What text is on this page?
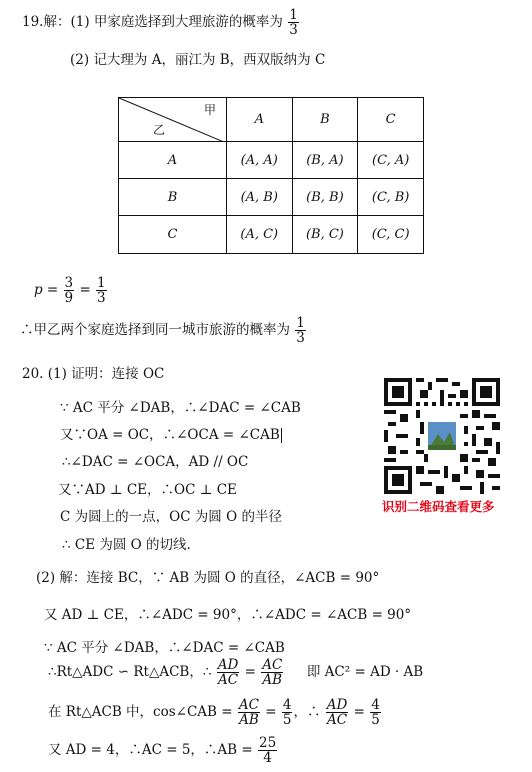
19.解：(1) 甲家庭选择到大理旅游的概率为 $\frac{1}{3}$
(2) 记大理为 A，丽江为 B，西双版纳为 C
甲
乙	A	B	C
A	(A, A)	(B, A)	(C, A)
B	(A, B)	(B, B)	(C, B)
C	(A, C)	(B, C)	(C, C)
$p = \frac{3}{9} = \frac{1}{3}$
∴甲乙两个家庭选择到同一城市旅游的概率为 $\frac{1}{3}$
20. (1) 证明：连接 OC
∵ AC 平分 ∠DAB，∴∠DAC = ∠CAB
又∵OA = OC，∴∠OCA = ∠CAB
∴∠DAC = ∠OCA，AD // OC
又∵AD ⊥ CE，∴OC ⊥ CE
C 为圆上的一点，OC 为圆 O 的半径
∴ CE 为圆 O 的切线.
识别二维码查看更多
(2) 解：连接 BC，∵ AB 为圆 O 的直径，∠ACB = 90°
又 AD ⊥ CE，∴∠ADC = 90°，∴∠ADC = ∠ACB = 90°
∵ AC 平分 ∠DAB，∴∠DAC = ∠CAB
∴Rt△ADC ∽ Rt△ACB，∴ $\frac{AD}{AC} = \frac{AC}{AB}$ 即 AC² = AD · AB
在 Rt△ACB 中，cos∠CAB = $\frac{AC}{AB} = \frac{4}{5}$ ，∴ $\frac{AD}{AC} = \frac{4}{5}$
又 AD = 4，∴AC = 5，∴AB = $\frac{25}{4}$
